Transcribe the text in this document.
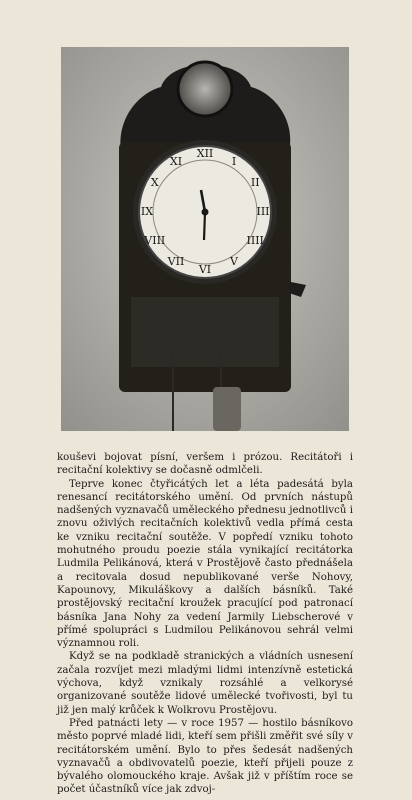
XII
I
II
III
IIII
V
VI
VII
VIII
IX
X
XI

kouševi bojovat písní, veršem i prózou. Recitátoři i recitační kolektivy se dočasně odmlčeli.

Teprve konec čtyřicátých let a léta padesátá byla renesancí recitátorského umění. Od prvních nástupů nadšených vyznavačů uměleckého přednesu jednotlivců i znovu oživlých recitačních kolektivů vedla přímá cesta ke vzniku recitační soutěže. V popředí vzniku tohoto mohutného proudu poezie stála vynikající recitátorka Ludmila Pelikánová, která v Prostějově často přednášela a recitovala dosud nepublikované verše Nohovy, Kapounovy, Mikuláškovy a dalších básníků. Také prostějovský recitační kroužek pracující pod patronací básníka Jana Nohy za vedení Jarmily Liebscherové v přímé spolupráci s Ludmilou Pelikánovou sehrál velmi významnou roli.

Když se na podkladě stranických a vládních usnesení začala rozvíjet mezi mladými lidmi intenzívně estetická výchova, když vznikaly rozsáhlé a velkorysé organizované soutěže lidové umělecké tvořivosti, byl tu již jen malý krůček k Wolkrovu Prostějovu.

Před patnácti lety — v roce 1957 — hostilo básníkovo město poprvé mladé lidi, kteří sem přišli změřit své síly v recitátorském umění. Bylo to přes šedesát nadšených vyznavačů a obdivovatelů poezie, kteří přijeli pouze z bývalého olomouckého kraje. Avšak již v příštím roce se počet účastníků více jak zdvoj-
